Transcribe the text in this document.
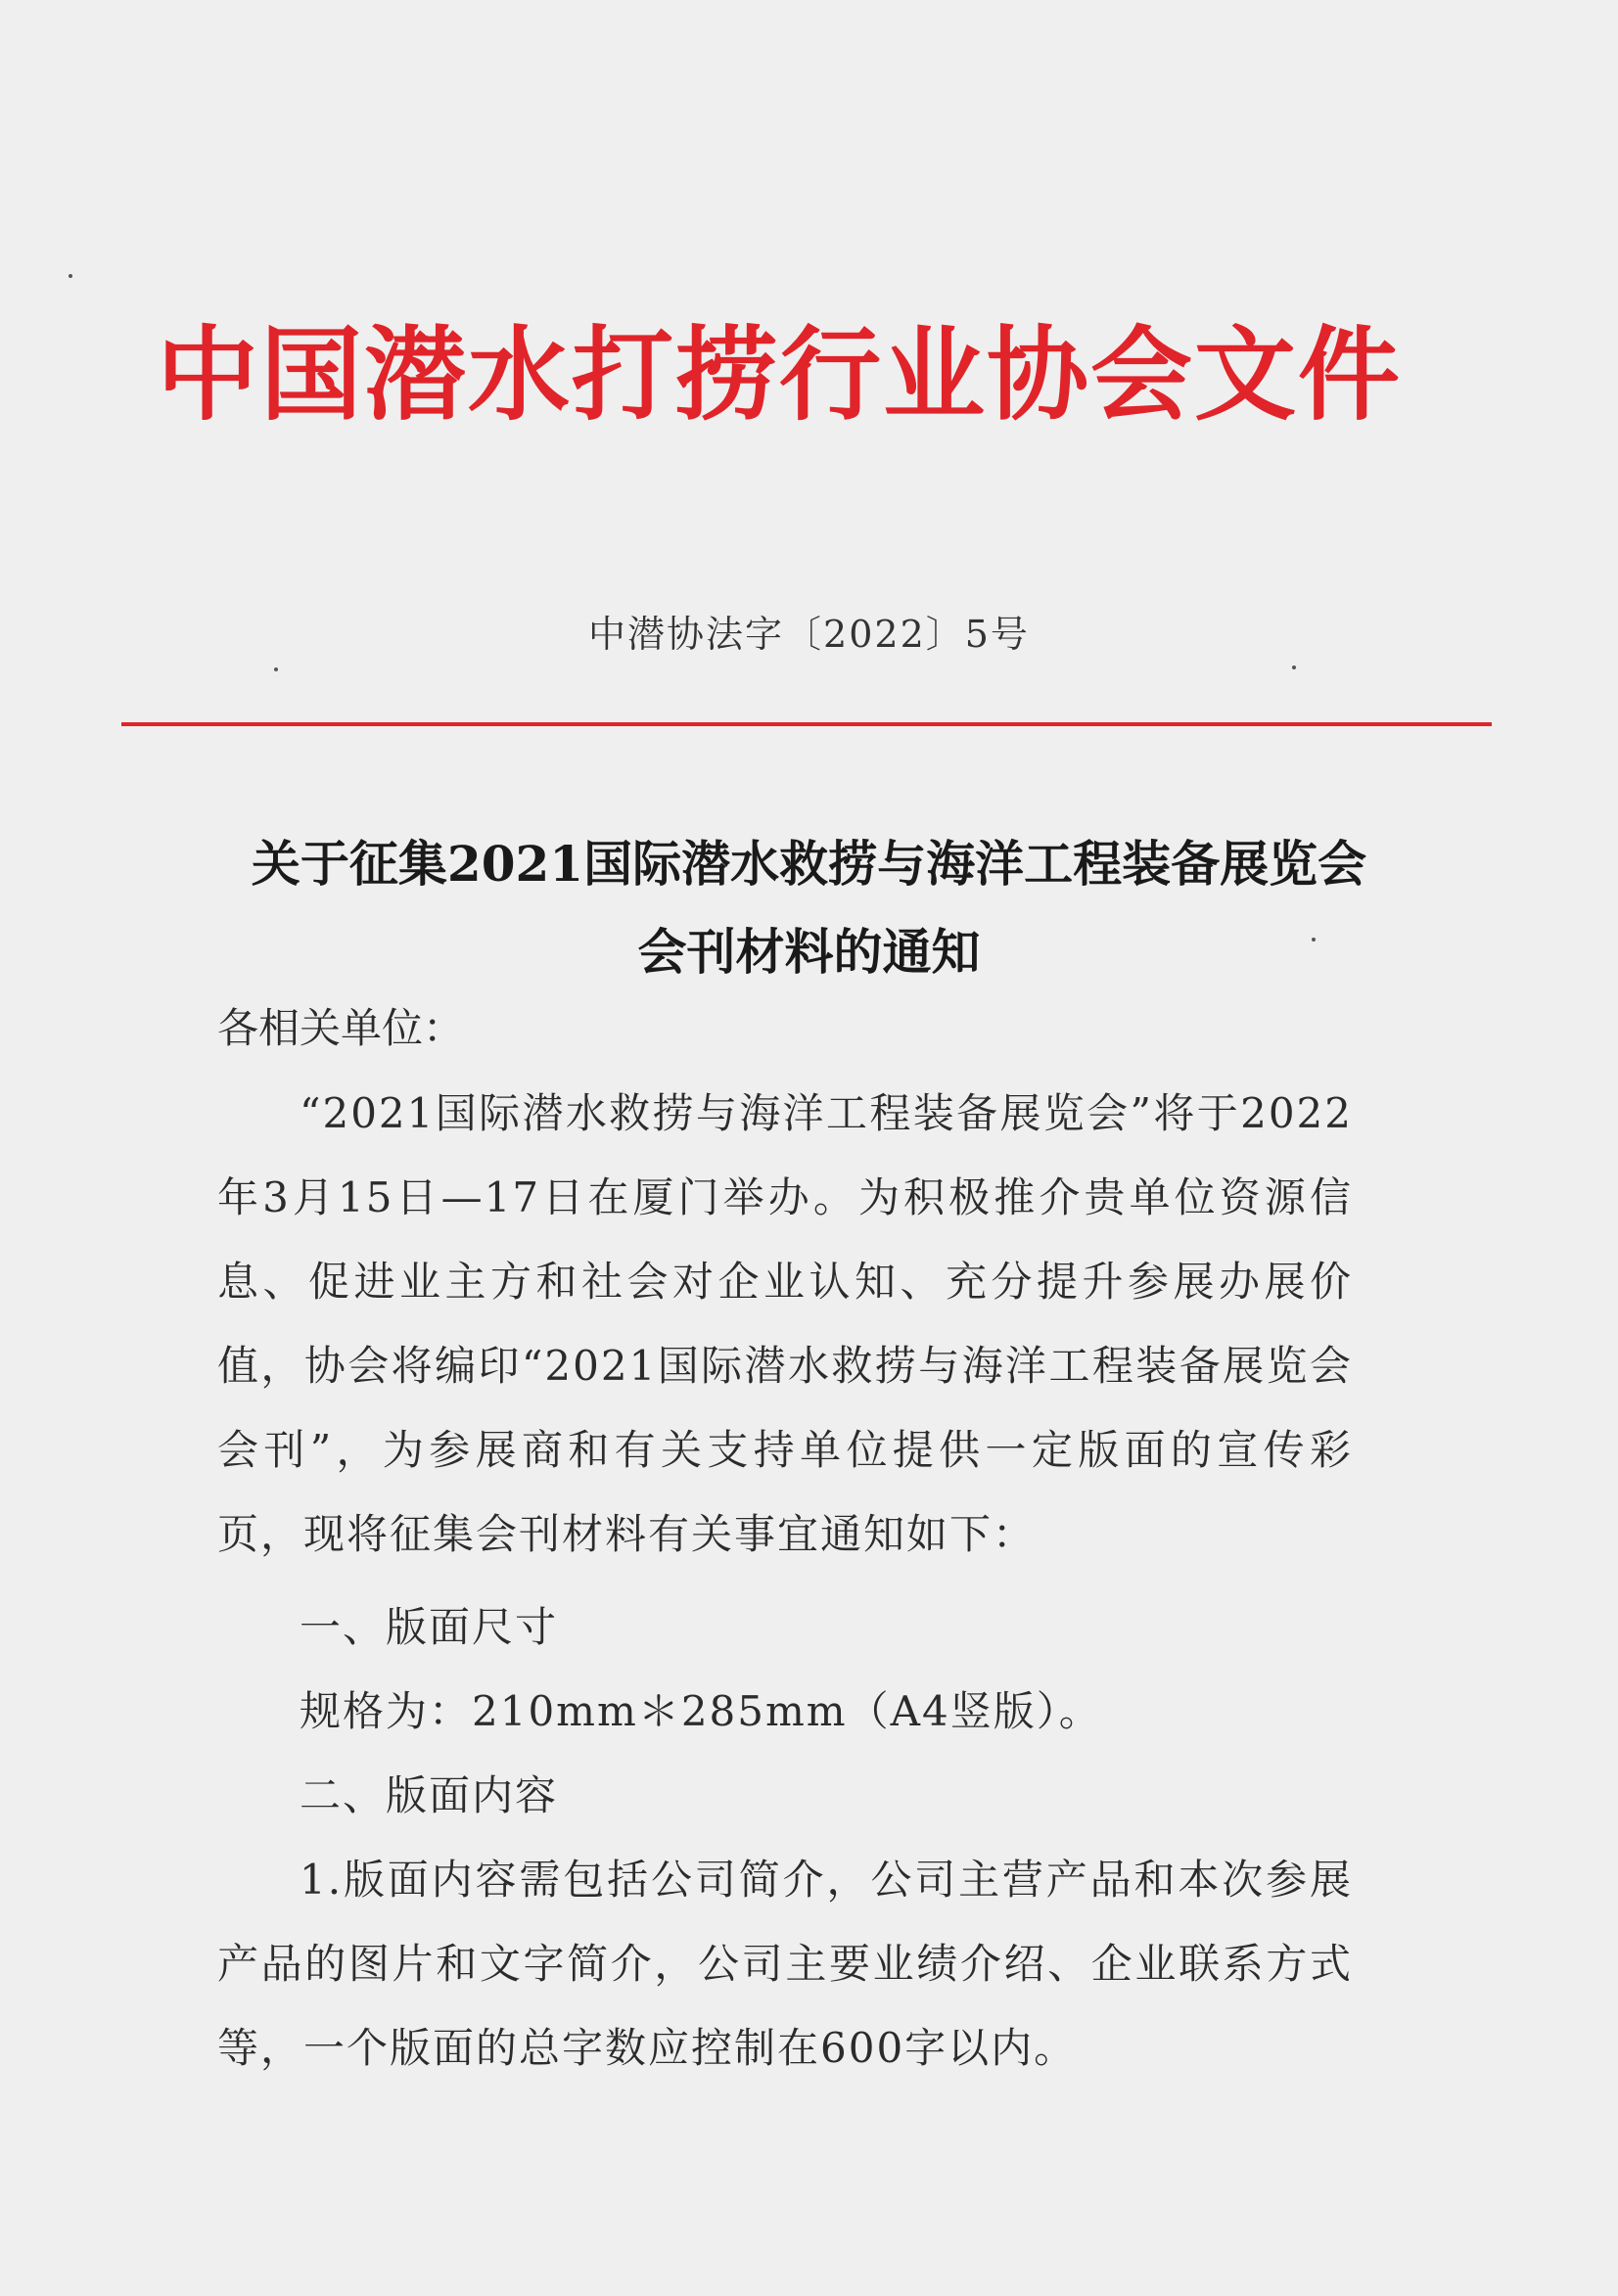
中国潜水打捞行业协会文件
中潜协法字〔2022〕5号
关于征集2021国际潜水救捞与海洋工程装备展览会
会刊材料的通知
各相关单位：
“2021国际潜水救捞与海洋工程装备展览会”将于2022年3月15日—17日在厦门举办。为积极推介贵单位资源信息、促进业主方和社会对企业认知、充分提升参展办展价值，协会将编印“2021国际潜水救捞与海洋工程装备展览会会刊”，为参展商和有关支持单位提供一定版面的宣传彩页，现将征集会刊材料有关事宜通知如下：
一、版面尺寸
规格为：210mm＊285mm（A4竖版）。
二、版面内容
1.版面内容需包括公司简介，公司主营产品和本次参展产品的图片和文字简介，公司主要业绩介绍、企业联系方式等，一个版面的总字数应控制在600字以内。
